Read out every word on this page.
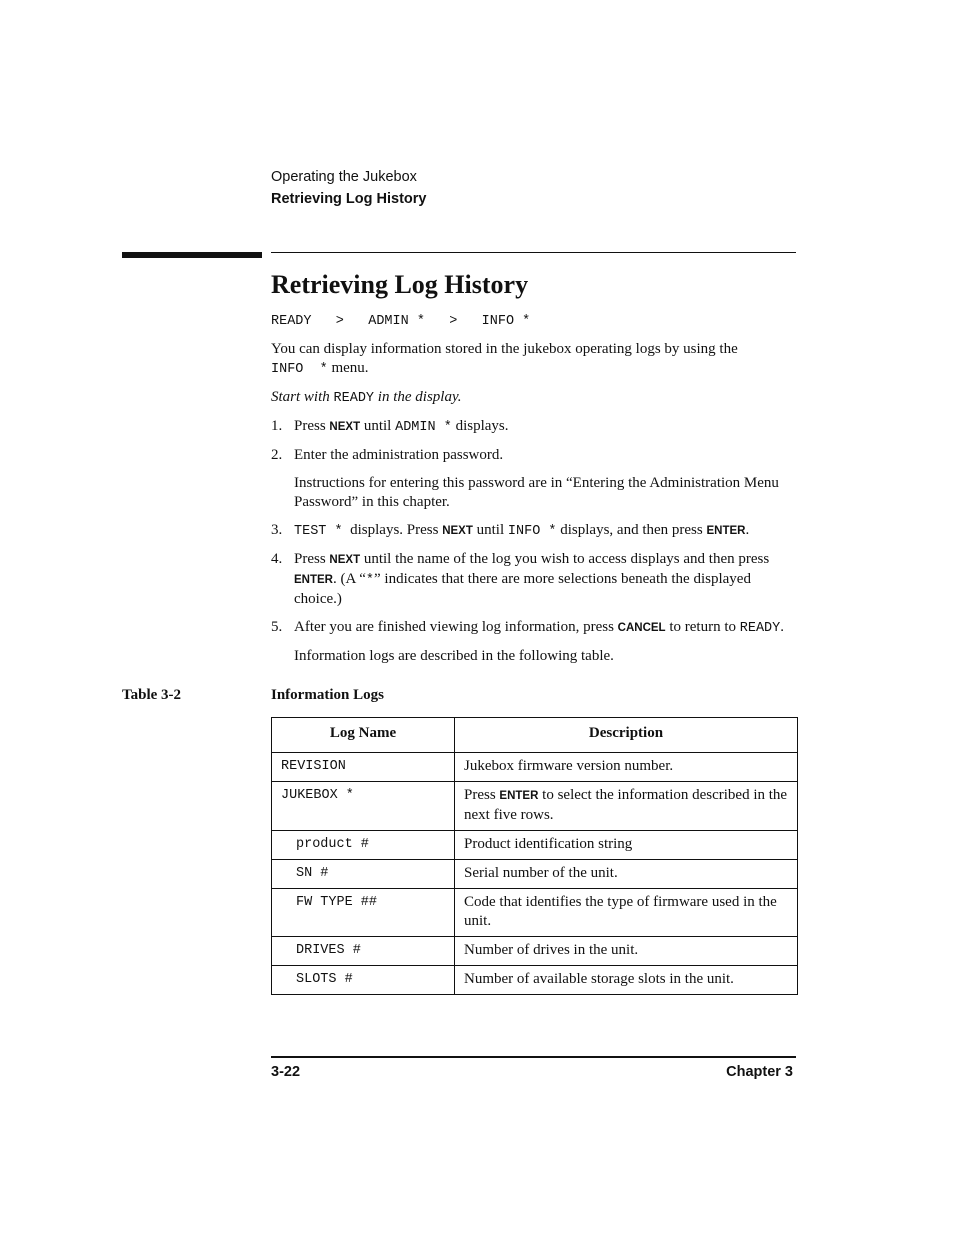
Operating the Jukebox
Retrieving Log History
Retrieving Log History
READY   >   ADMIN *   >   INFO *

You can display information stored in the jukebox operating logs by using the INFO  * menu.

Start with READY in the display.

1. Press NEXT until ADMIN * displays.
2. Enter the administration password.
Instructions for entering this password are in “Entering the Administration Menu Password” in this chapter.
3. TEST *  displays. Press NEXT until INFO * displays, and then press ENTER.
4. Press NEXT until the name of the log you wish to access displays and then press ENTER. (A “*” indicates that there are more selections beneath the displayed choice.)
5. After you are finished viewing log information, press CANCEL to return to READY.
Information logs are described in the following table.
Table 3-2	Information Logs
Log Name	Description
REVISION	Jukebox firmware version number.
JUKEBOX *	Press ENTER to select the information described in the next five rows.
product #	Product identification string
SN #	Serial number of the unit.
FW TYPE ##	Code that identifies the type of firmware used in the unit.
DRIVES #	Number of drives in the unit.
SLOTS #	Number of available storage slots in the unit.
3-22	Chapter 3
